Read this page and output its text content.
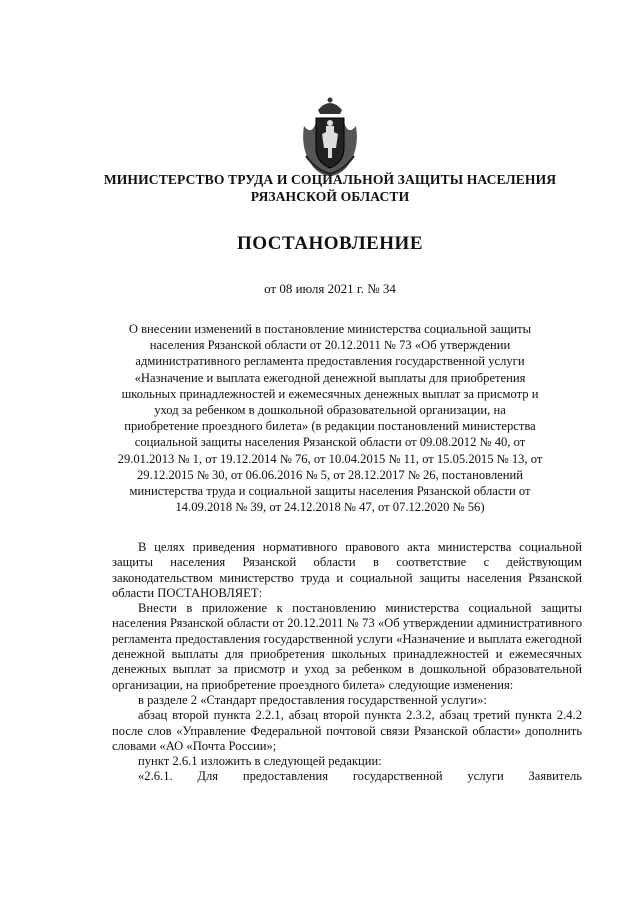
МИНИСТЕРСТВО ТРУДА И СОЦИАЛЬНОЙ ЗАЩИТЫ НАСЕЛЕНИЯ
РЯЗАНСКОЙ ОБЛАСТИ
ПОСТАНОВЛЕНИЕ
от 08 июля 2021 г. № 34
О внесении изменений в постановление министерства социальной защиты населения Рязанской области от 20.12.2011 № 73 «Об утверждении административного регламента предоставления государственной услуги «Назначение и выплата ежегодной денежной выплаты для приобретения школьных принадлежностей и ежемесячных денежных выплат за присмотр и уход за ребенком в дошкольной образовательной организации, на приобретение проездного билета» (в редакции постановлений министерства социальной защиты населения Рязанской области от 09.08.2012 № 40, от 29.01.2013 № 1, от 19.12.2014 № 76, от 10.04.2015 № 11, от 15.05.2015 № 13, от 29.12.2015 № 30, от 06.06.2016 № 5, от 28.12.2017 № 26, постановлений министерства труда и социальной защиты населения Рязанской области от 14.09.2018 № 39, от 24.12.2018 № 47, от 07.12.2020 № 56)

В целях приведения нормативного правового акта министерства социальной защиты населения Рязанской области в соответствие с действующим законодательством министерство труда и социальной защиты населения Рязанской области ПОСТАНОВЛЯЕТ:

Внести в приложение к постановлению министерства социальной защиты населения Рязанской области от 20.12.2011 № 73 «Об утверждении административного регламента предоставления государственной услуги «Назначение и выплата ежегодной денежной выплаты для приобретения школьных принадлежностей и ежемесячных денежных выплат за присмотр и уход за ребенком в дошкольной образовательной организации, на приобретение проездного билета» следующие изменения:

в разделе 2 «Стандарт предоставления государственной услуги»:

абзац второй пункта 2.2.1, абзац второй пункта 2.3.2, абзац третий пункта 2.4.2 после слов «Управление Федеральной почтовой связи Рязанской области» дополнить словами «АО «Почта России»;

пункт 2.6.1 изложить в следующей редакции:

«2.6.1. Для предоставления государственной услуги Заявитель
